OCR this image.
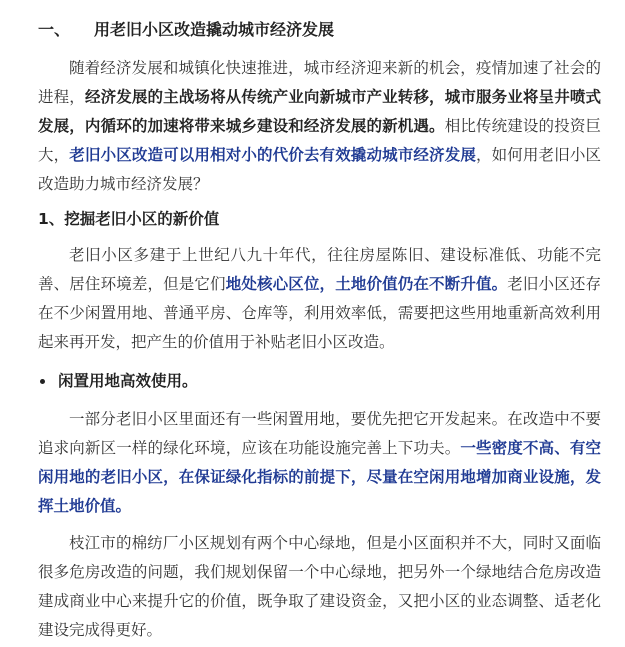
一、 用老旧小区改造撬动城市经济发展

随着经济发展和城镇化快速推进，城市经济迎来新的机会，疫情加速了社会的进程，经济发展的主战场将从传统产业向新城市产业转移，城市服务业将呈井喷式发展，内循环的加速将带来城乡建设和经济发展的新机遇。相比传统建设的投资巨大，老旧小区改造可以用相对小的代价去有效撬动城市经济发展，如何用老旧小区改造助力城市经济发展？

1、挖掘老旧小区的新价值

老旧小区多建于上世纪八九十年代，往往房屋陈旧、建设标准低、功能不完善、居住环境差，但是它们地处核心区位，土地价值仍在不断升值。老旧小区还存在不少闲置用地、普通平房、仓库等，利用效率低，需要把这些用地重新高效利用起来再开发，把产生的价值用于补贴老旧小区改造。

闲置用地高效使用。

一部分老旧小区里面还有一些闲置用地，要优先把它开发起来。在改造中不要追求向新区一样的绿化环境，应该在功能设施完善上下功夫。一些密度不高、有空闲用地的老旧小区，在保证绿化指标的前提下，尽量在空闲用地增加商业设施，发挥土地价值。

枝江市的棉纺厂小区规划有两个中心绿地，但是小区面积并不大，同时又面临很多危房改造的问题，我们规划保留一个中心绿地，把另外一个绿地结合危房改造建成商业中心来提升它的价值，既争取了建设资金，又把小区的业态调整、适老化建设完成得更好。
